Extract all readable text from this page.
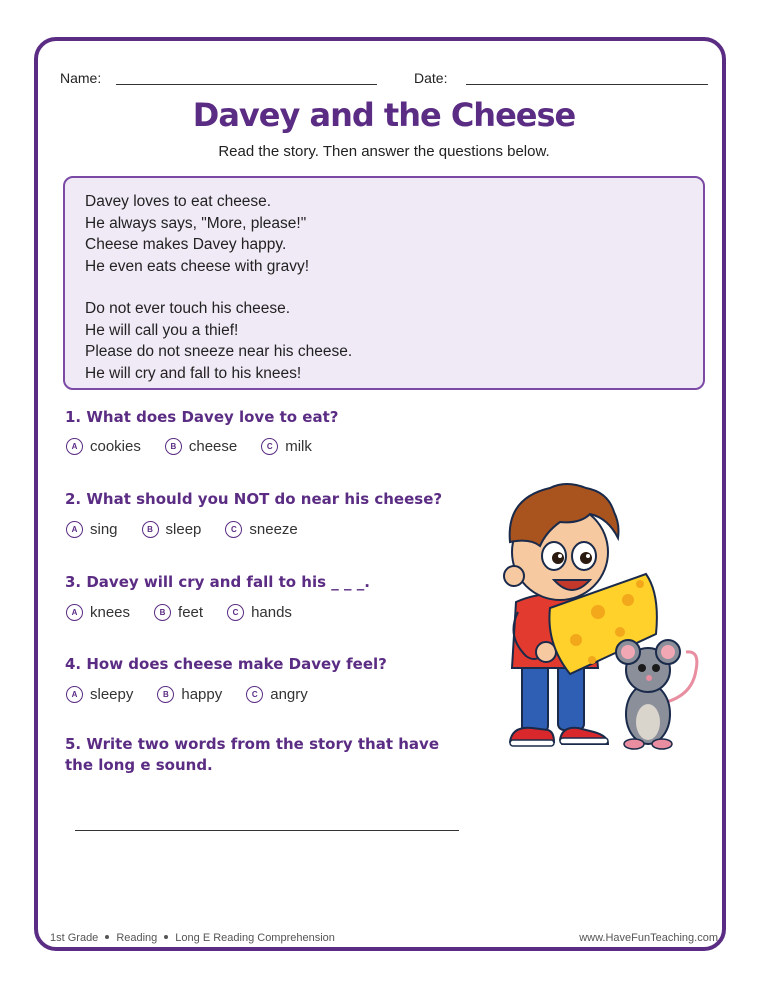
Name:	Date:
Davey and the Cheese
Read the story. Then answer the questions below.
Davey loves to eat cheese.
He always says, "More, please!"
Cheese makes Davey happy.
He even eats cheese with gravy!
Do not ever touch his cheese.
He will call you a thief!
Please do not sneeze near his cheese.
He will cry and fall to his knees!
1. What does Davey love to eat?
A cookies	B cheese	C milk
2. What should you NOT do near his cheese?
A sing	B sleep	C sneeze
3. Davey will cry and fall to his _ _ _.
A knees	B feet	C hands
4. How does cheese make Davey feel?
A sleepy	B happy	C angry
5. Write two words from the story that have the long e sound.
1st Grade Reading Long E Reading Comprehension	www.HaveFunTeaching.com
